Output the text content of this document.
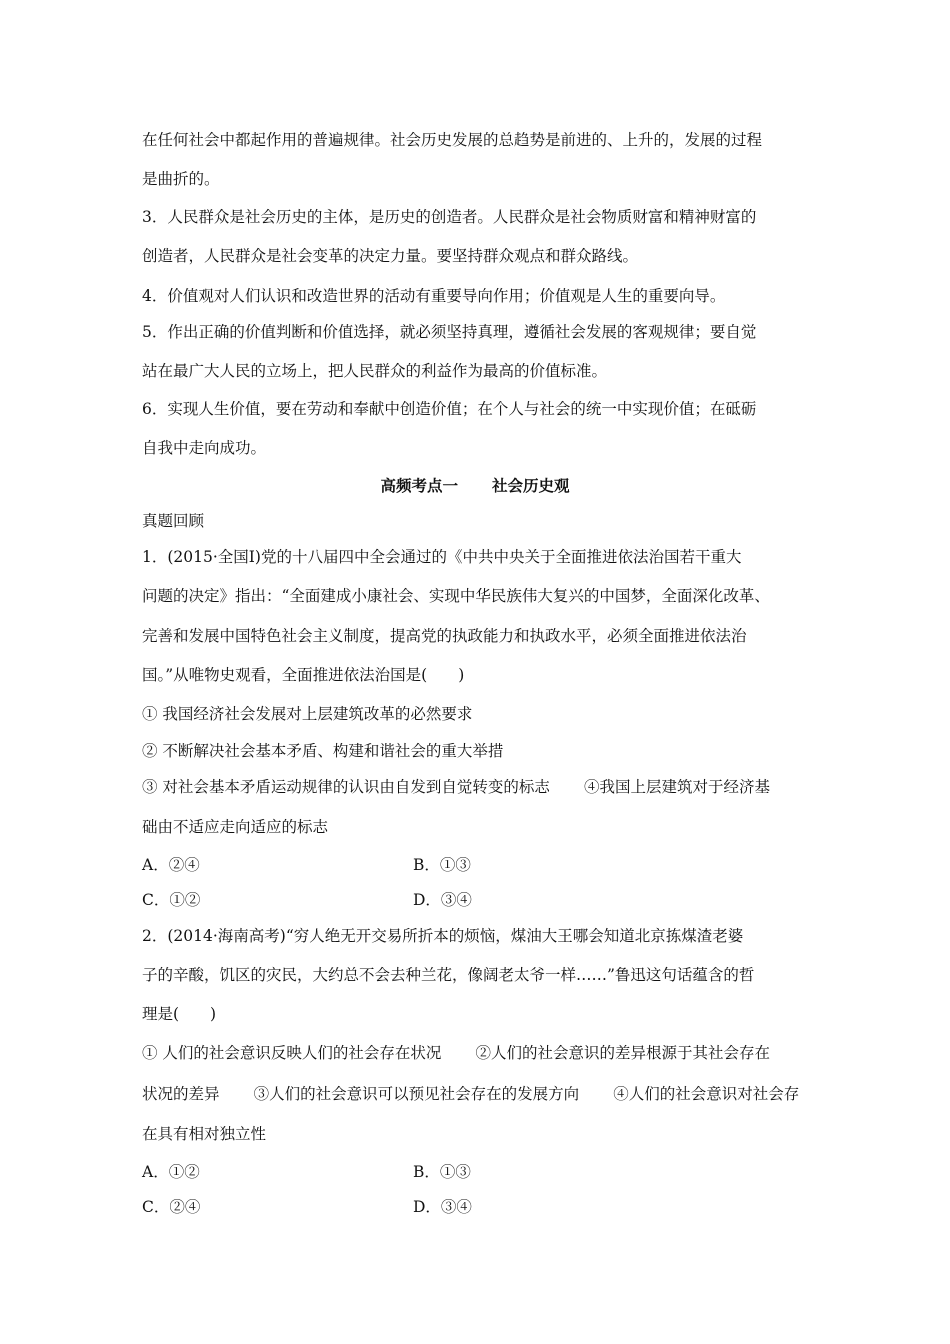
在任何社会中都起作用的普遍规律。社会历史发展的总趋势是前进的、上升的，发展的过程
是曲折的。
3．人民群众是社会历史的主体，是历史的创造者。人民群众是社会物质财富和精神财富的
创造者，人民群众是社会变革的决定力量。要坚持群众观点和群众路线。
4．价值观对人们认识和改造世界的活动有重要导向作用；价值观是人生的重要向导。
5．作出正确的价值判断和价值选择，就必须坚持真理，遵循社会发展的客观规律；要自觉
站在最广大人民的立场上，把人民群众的利益作为最高的价值标准。
6．实现人生价值，要在劳动和奉献中创造价值；在个人与社会的统一中实现价值；在砥砺
自我中走向成功。
高频考点一 社会历史观
真题回顾
1．(2015·全国Ⅰ)党的十八届四中全会通过的《中共中央关于全面推进依法治国若干重大
问题的决定》指出：“全面建成小康社会、实现中华民族伟大复兴的中国梦，全面深化改革、
完善和发展中国特色社会主义制度，提高党的执政能力和执政水平，必须全面推进依法治
国。”从唯物史观看，全面推进依法治国是(　　)
① 我国经济社会发展对上层建筑改革的必然要求
② 不断解决社会基本矛盾、构建和谐社会的重大举措
③ 对社会基本矛盾运动规律的认识由自发到自觉转变的标志 ④我国上层建筑对于经济基
础由不适应走向适应的标志
A．②④	B．①③
C．①②	D．③④
2．(2014·海南高考)“穷人绝无开交易所折本的烦恼，煤油大王哪会知道北京拣煤渣老婆
子的辛酸，饥区的灾民，大约总不会去种兰花，像阔老太爷一样……”鲁迅这句话蕴含的哲
理是(　　)
① 人们的社会意识反映人们的社会存在状况 ②人们的社会意识的差异根源于其社会存在
状况的差异 ③人们的社会意识可以预见社会存在的发展方向 ④人们的社会意识对社会存
在具有相对独立性
A．①②	B．①③
C．②④	D．③④
